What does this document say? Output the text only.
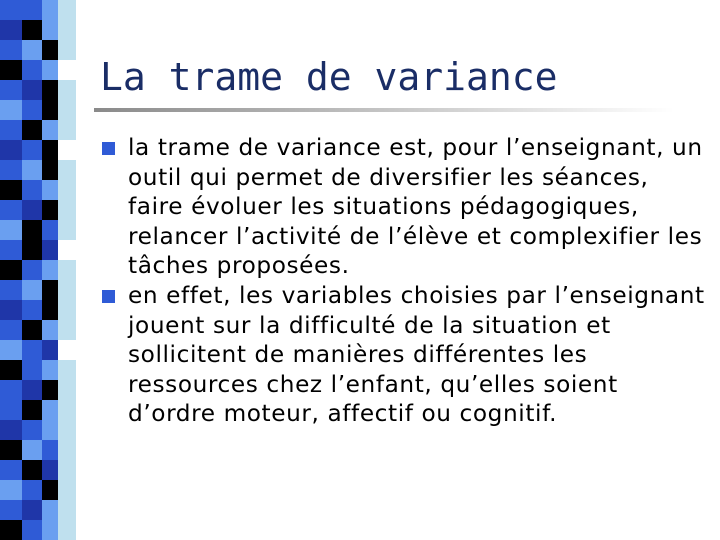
La trame de variance
la trame de variance est, pour l’enseignant, un outil qui permet de diversifier les séances, faire évoluer les situations pédagogiques, relancer l’activité de l’élève et complexifier les tâches proposées.
en effet, les variables choisies par l’enseignant jouent sur la difficulté de la situation et sollicitent de manières différentes les ressources chez l’enfant, qu’elles soient d’ordre moteur, affectif ou cognitif.
